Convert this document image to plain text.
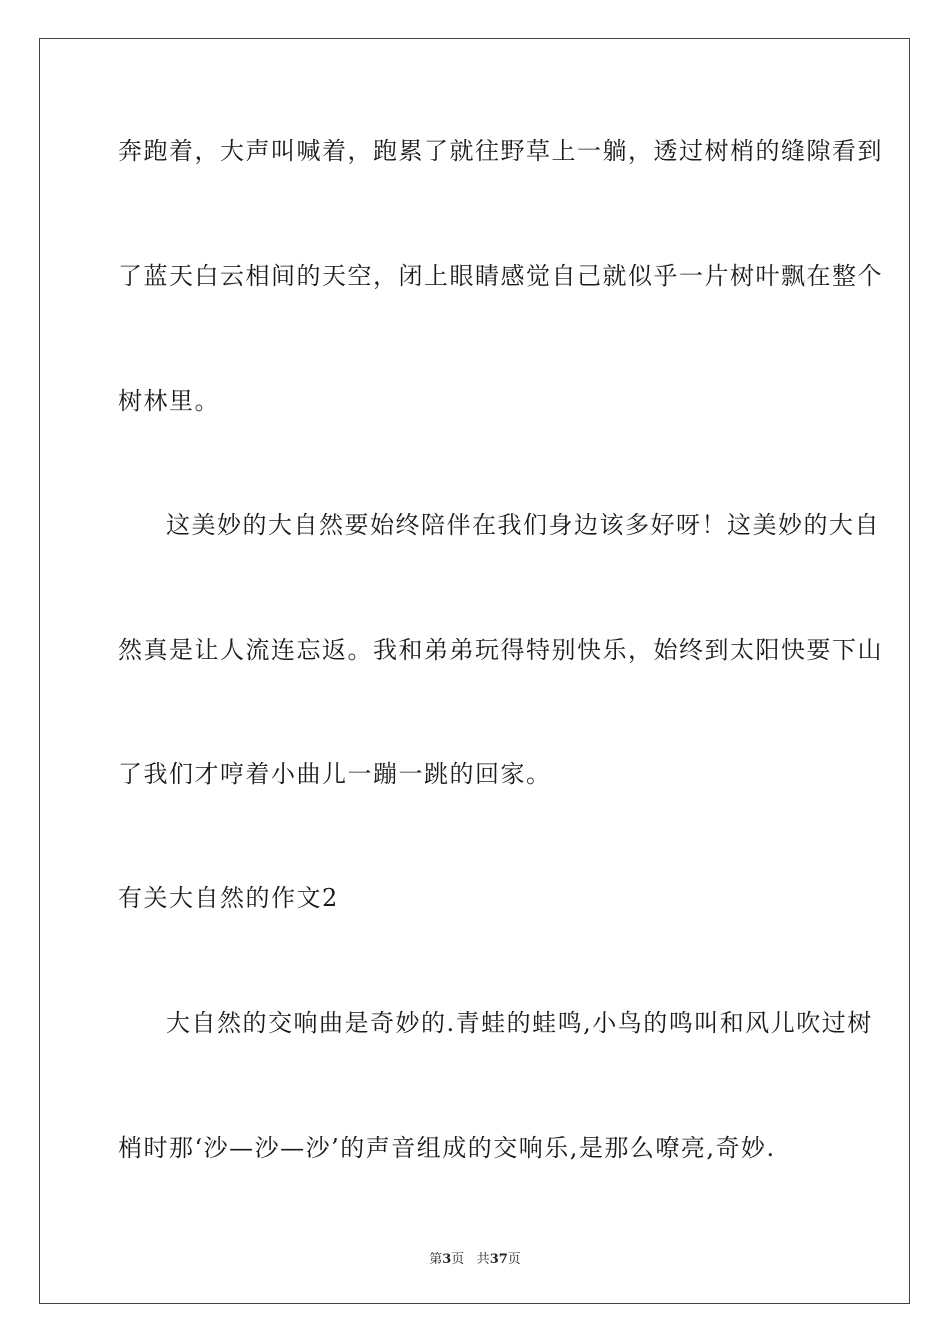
奔跑着，大声叫喊着，跑累了就往野草上一躺，透过树梢的缝隙看到
了蓝天白云相间的天空，闭上眼睛感觉自己就似乎一片树叶飘在整个
树林里。
这美妙的大自然要始终陪伴在我们身边该多好呀！这美妙的大自
然真是让人流连忘返。我和弟弟玩得特别快乐，始终到太阳快要下山
了我们才哼着小曲儿一蹦一跳的回家。
有关大自然的作文2
大自然的交响曲是奇妙的.青蛙的蛙鸣,小鸟的鸣叫和风儿吹过树
梢时那‘沙—沙—沙’的声音组成的交响乐,是那么嘹亮,奇妙.
第3页 共37页
